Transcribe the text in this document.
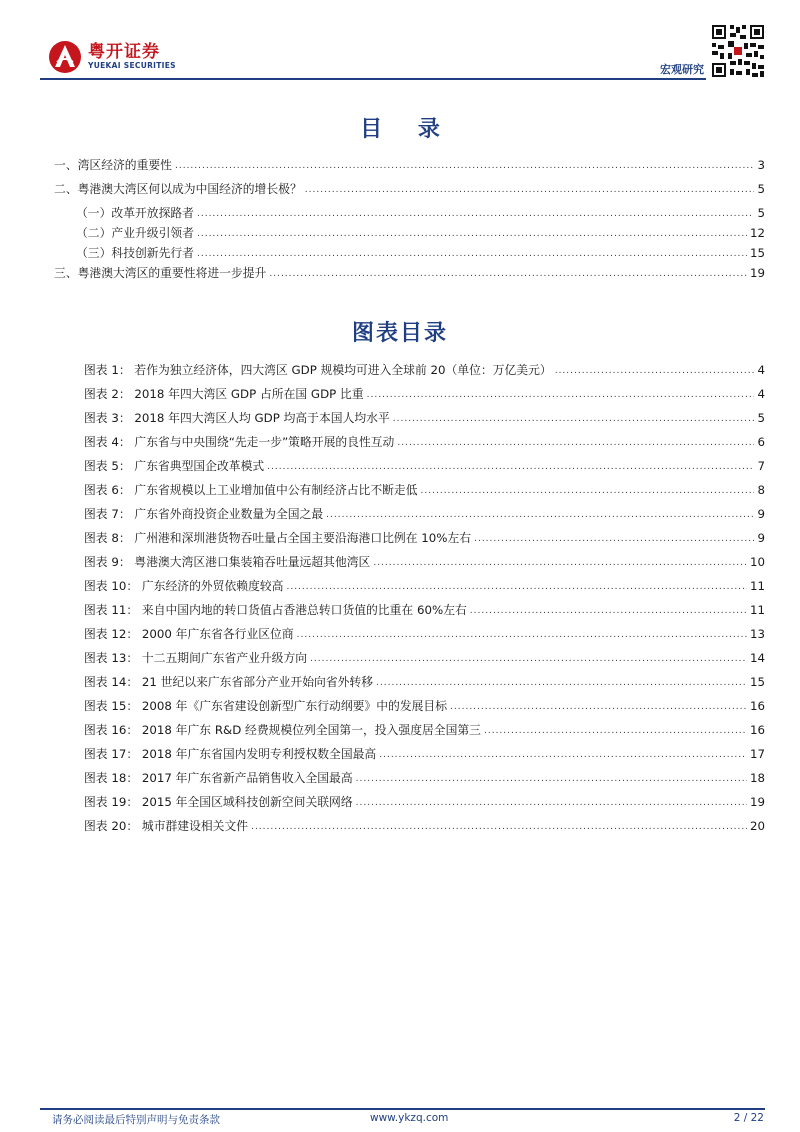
粤开证券
YUEKAI SECURITIES	宏观研究
目 录
一、湾区经济的重要性 .....	3
二、粤港澳大湾区何以成为中国经济的增长极？ .....	5
（一）改革开放探路者 .....	5
（二）产业升级引领者 .....	12
（三）科技创新先行者 .....	15
三、粤港澳大湾区的重要性将进一步提升 .....	19
图表目录
图表 1： 若作为独立经济体，四大湾区 GDP 规模均可进入全球前 20（单位：万亿美元） .....	4
图表 2： 2018 年四大湾区 GDP 占所在国 GDP 比重 .....	4
图表 3： 2018 年四大湾区人均 GDP 均高于本国人均水平 .....	5
图表 4： 广东省与中央围绕“先走一步”策略开展的良性互动 .....	6
图表 5： 广东省典型国企改革模式 .....	7
图表 6： 广东省规模以上工业增加值中公有制经济占比不断走低 .....	8
图表 7： 广东省外商投资企业数量为全国之最 .....	9
图表 8： 广州港和深圳港货物吞吐量占全国主要沿海港口比例在 10%左右 .....	9
图表 9： 粤港澳大湾区港口集装箱吞吐量远超其他湾区 .....	10
图表 10： 广东经济的外贸依赖度较高 .....	11
图表 11： 来自中国内地的转口货值占香港总转口货值的比重在 60%左右 .....	11
图表 12： 2000 年广东省各行业区位商 .....	13
图表 13： 十二五期间广东省产业升级方向 .....	14
图表 14： 21 世纪以来广东省部分产业开始向省外转移 .....	15
图表 15： 2008 年《广东省建设创新型广东行动纲要》中的发展目标 .....	16
图表 16： 2018 年广东 R&D 经费规模位列全国第一，投入强度居全国第三 .....	16
图表 17： 2018 年广东省国内发明专利授权数全国最高 .....	17
图表 18： 2017 年广东省新产品销售收入全国最高 .....	18
图表 19： 2015 年全国区域科技创新空间关联网络 .....	19
图表 20： 城市群建设相关文件 .....	20
请务必阅读最后特别声明与免责条款	www.ykzq.com	2 / 22
